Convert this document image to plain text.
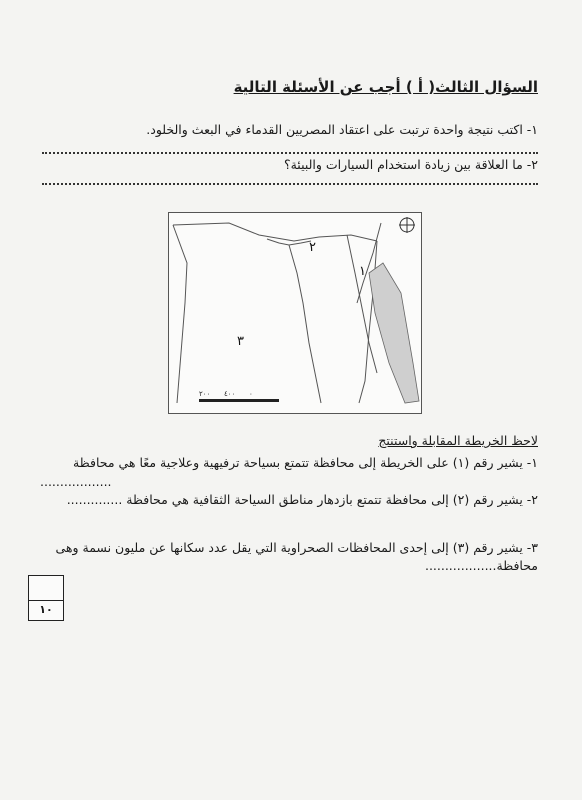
السؤال الثالث( أ ) أجب عن الأسئلة التالية
١- اكتب نتيجة واحدة ترتبت على اعتقاد المصريين القدماء في البعث والخلود.
٢- ما العلاقة بين زيادة استخدام السيارات والبيئة؟
١
٢
٣
٢٠٠ ٤٠٠ ٠
لاحظ الخريطة المقابلة واستنتج
١- يشير رقم (١) على الخريطة إلى محافظة تتمتع بسياحة ترفيهية وعلاجية معًا هي محافظة
..................
٢- يشير رقم (٢) إلى محافظة تتمتع بازدهار مناطق السياحة الثقافية هي محافظة ..............
٣- يشير رقم (٣) إلى إحدى المحافظات الصحراوية التي يقل عدد سكانها عن مليون نسمة وهى
محافظة..................
١٠
